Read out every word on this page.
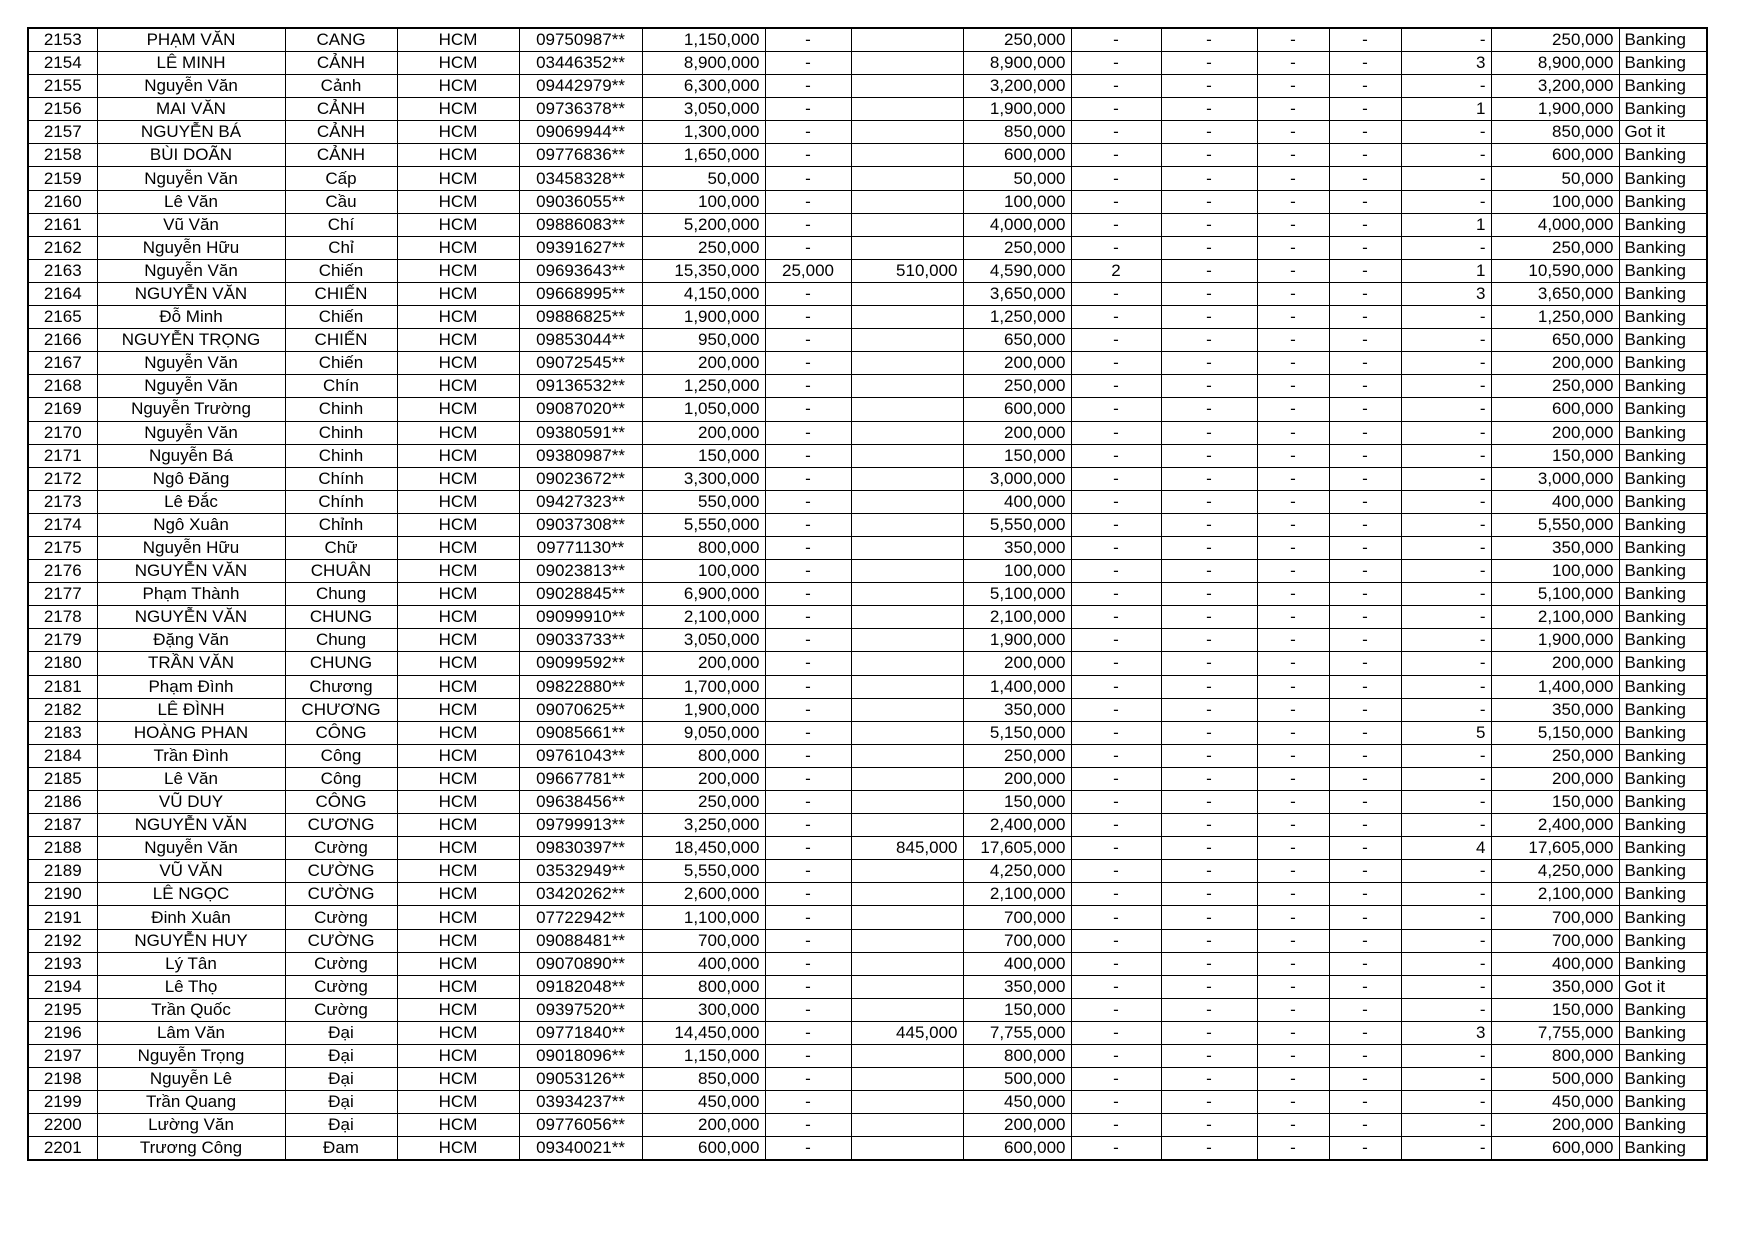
2153	PHẠM VĂN	CANG	HCM	09750987**	1,150,000	-		250,000	-	-	-	-	-	250,000	Banking
2154	LÊ MINH	CẢNH	HCM	03446352**	8,900,000	-		8,900,000	-	-	-	-	3	8,900,000	Banking
2155	Nguyễn Văn	Cảnh	HCM	09442979**	6,300,000	-		3,200,000	-	-	-	-	-	3,200,000	Banking
2156	MAI VĂN	CẢNH	HCM	09736378**	3,050,000	-		1,900,000	-	-	-	-	1	1,900,000	Banking
2157	NGUYỄN BÁ	CẢNH	HCM	09069944**	1,300,000	-		850,000	-	-	-	-	-	850,000	Got it
2158	BÙI DOÃN	CẢNH	HCM	09776836**	1,650,000	-		600,000	-	-	-	-	-	600,000	Banking
2159	Nguyễn Văn	Cấp	HCM	03458328**	50,000	-		50,000	-	-	-	-	-	50,000	Banking
2160	Lê Văn	Cầu	HCM	09036055**	100,000	-		100,000	-	-	-	-	-	100,000	Banking
2161	Vũ Văn	Chí	HCM	09886083**	5,200,000	-		4,000,000	-	-	-	-	1	4,000,000	Banking
2162	Nguyễn Hữu	Chỉ	HCM	09391627**	250,000	-		250,000	-	-	-	-	-	250,000	Banking
2163	Nguyễn Văn	Chiến	HCM	09693643**	15,350,000	25,000	510,000	4,590,000	2	-	-	-	1	10,590,000	Banking
2164	NGUYỄN VĂN	CHIẾN	HCM	09668995**	4,150,000	-		3,650,000	-	-	-	-	3	3,650,000	Banking
2165	Đỗ Minh	Chiến	HCM	09886825**	1,900,000	-		1,250,000	-	-	-	-	-	1,250,000	Banking
2166	NGUYỄN TRỌNG	CHIẾN	HCM	09853044**	950,000	-		650,000	-	-	-	-	-	650,000	Banking
2167	Nguyễn Văn	Chiến	HCM	09072545**	200,000	-		200,000	-	-	-	-	-	200,000	Banking
2168	Nguyễn Văn	Chín	HCM	09136532**	1,250,000	-		250,000	-	-	-	-	-	250,000	Banking
2169	Nguyễn Trường	Chinh	HCM	09087020**	1,050,000	-		600,000	-	-	-	-	-	600,000	Banking
2170	Nguyễn Văn	Chinh	HCM	09380591**	200,000	-		200,000	-	-	-	-	-	200,000	Banking
2171	Nguyễn Bá	Chinh	HCM	09380987**	150,000	-		150,000	-	-	-	-	-	150,000	Banking
2172	Ngô Đăng	Chính	HCM	09023672**	3,300,000	-		3,000,000	-	-	-	-	-	3,000,000	Banking
2173	Lê Đắc	Chính	HCM	09427323**	550,000	-		400,000	-	-	-	-	-	400,000	Banking
2174	Ngô Xuân	Chỉnh	HCM	09037308**	5,550,000	-		5,550,000	-	-	-	-	-	5,550,000	Banking
2175	Nguyễn Hữu	Chữ	HCM	09771130**	800,000	-		350,000	-	-	-	-	-	350,000	Banking
2176	NGUYỄN VĂN	CHUÂN	HCM	09023813**	100,000	-		100,000	-	-	-	-	-	100,000	Banking
2177	Phạm Thành	Chung	HCM	09028845**	6,900,000	-		5,100,000	-	-	-	-	-	5,100,000	Banking
2178	NGUYỄN VĂN	CHUNG	HCM	09099910**	2,100,000	-		2,100,000	-	-	-	-	-	2,100,000	Banking
2179	Đặng Văn	Chung	HCM	09033733**	3,050,000	-		1,900,000	-	-	-	-	-	1,900,000	Banking
2180	TRẦN VĂN	CHUNG	HCM	09099592**	200,000	-		200,000	-	-	-	-	-	200,000	Banking
2181	Phạm Đình	Chương	HCM	09822880**	1,700,000	-		1,400,000	-	-	-	-	-	1,400,000	Banking
2182	LÊ ĐÌNH	CHƯƠNG	HCM	09070625**	1,900,000	-		350,000	-	-	-	-	-	350,000	Banking
2183	HOÀNG PHAN	CÔNG	HCM	09085661**	9,050,000	-		5,150,000	-	-	-	-	5	5,150,000	Banking
2184	Trần Đình	Công	HCM	09761043**	800,000	-		250,000	-	-	-	-	-	250,000	Banking
2185	Lê Văn	Công	HCM	09667781**	200,000	-		200,000	-	-	-	-	-	200,000	Banking
2186	VŨ DUY	CÔNG	HCM	09638456**	250,000	-		150,000	-	-	-	-	-	150,000	Banking
2187	NGUYỄN VĂN	CƯƠNG	HCM	09799913**	3,250,000	-		2,400,000	-	-	-	-	-	2,400,000	Banking
2188	Nguyễn Văn	Cường	HCM	09830397**	18,450,000	-	845,000	17,605,000	-	-	-	-	4	17,605,000	Banking
2189	VŨ VĂN	CƯỜNG	HCM	03532949**	5,550,000	-		4,250,000	-	-	-	-	-	4,250,000	Banking
2190	LÊ NGỌC	CƯỜNG	HCM	03420262**	2,600,000	-		2,100,000	-	-	-	-	-	2,100,000	Banking
2191	Đinh Xuân	Cường	HCM	07722942**	1,100,000	-		700,000	-	-	-	-	-	700,000	Banking
2192	NGUYỄN HUY	CƯỜNG	HCM	09088481**	700,000	-		700,000	-	-	-	-	-	700,000	Banking
2193	Lý Tân	Cường	HCM	09070890**	400,000	-		400,000	-	-	-	-	-	400,000	Banking
2194	Lê Thọ	Cường	HCM	09182048**	800,000	-		350,000	-	-	-	-	-	350,000	Got it
2195	Trần Quốc	Cường	HCM	09397520**	300,000	-		150,000	-	-	-	-	-	150,000	Banking
2196	Lâm Văn	Đại	HCM	09771840**	14,450,000	-	445,000	7,755,000	-	-	-	-	3	7,755,000	Banking
2197	Nguyễn Trọng	Đại	HCM	09018096**	1,150,000	-		800,000	-	-	-	-	-	800,000	Banking
2198	Nguyễn Lê	Đại	HCM	09053126**	850,000	-		500,000	-	-	-	-	-	500,000	Banking
2199	Trần Quang	Đại	HCM	03934237**	450,000	-		450,000	-	-	-	-	-	450,000	Banking
2200	Lường Văn	Đại	HCM	09776056**	200,000	-		200,000	-	-	-	-	-	200,000	Banking
2201	Trương Công	Đam	HCM	09340021**	600,000	-		600,000	-	-	-	-	-	600,000	Banking
